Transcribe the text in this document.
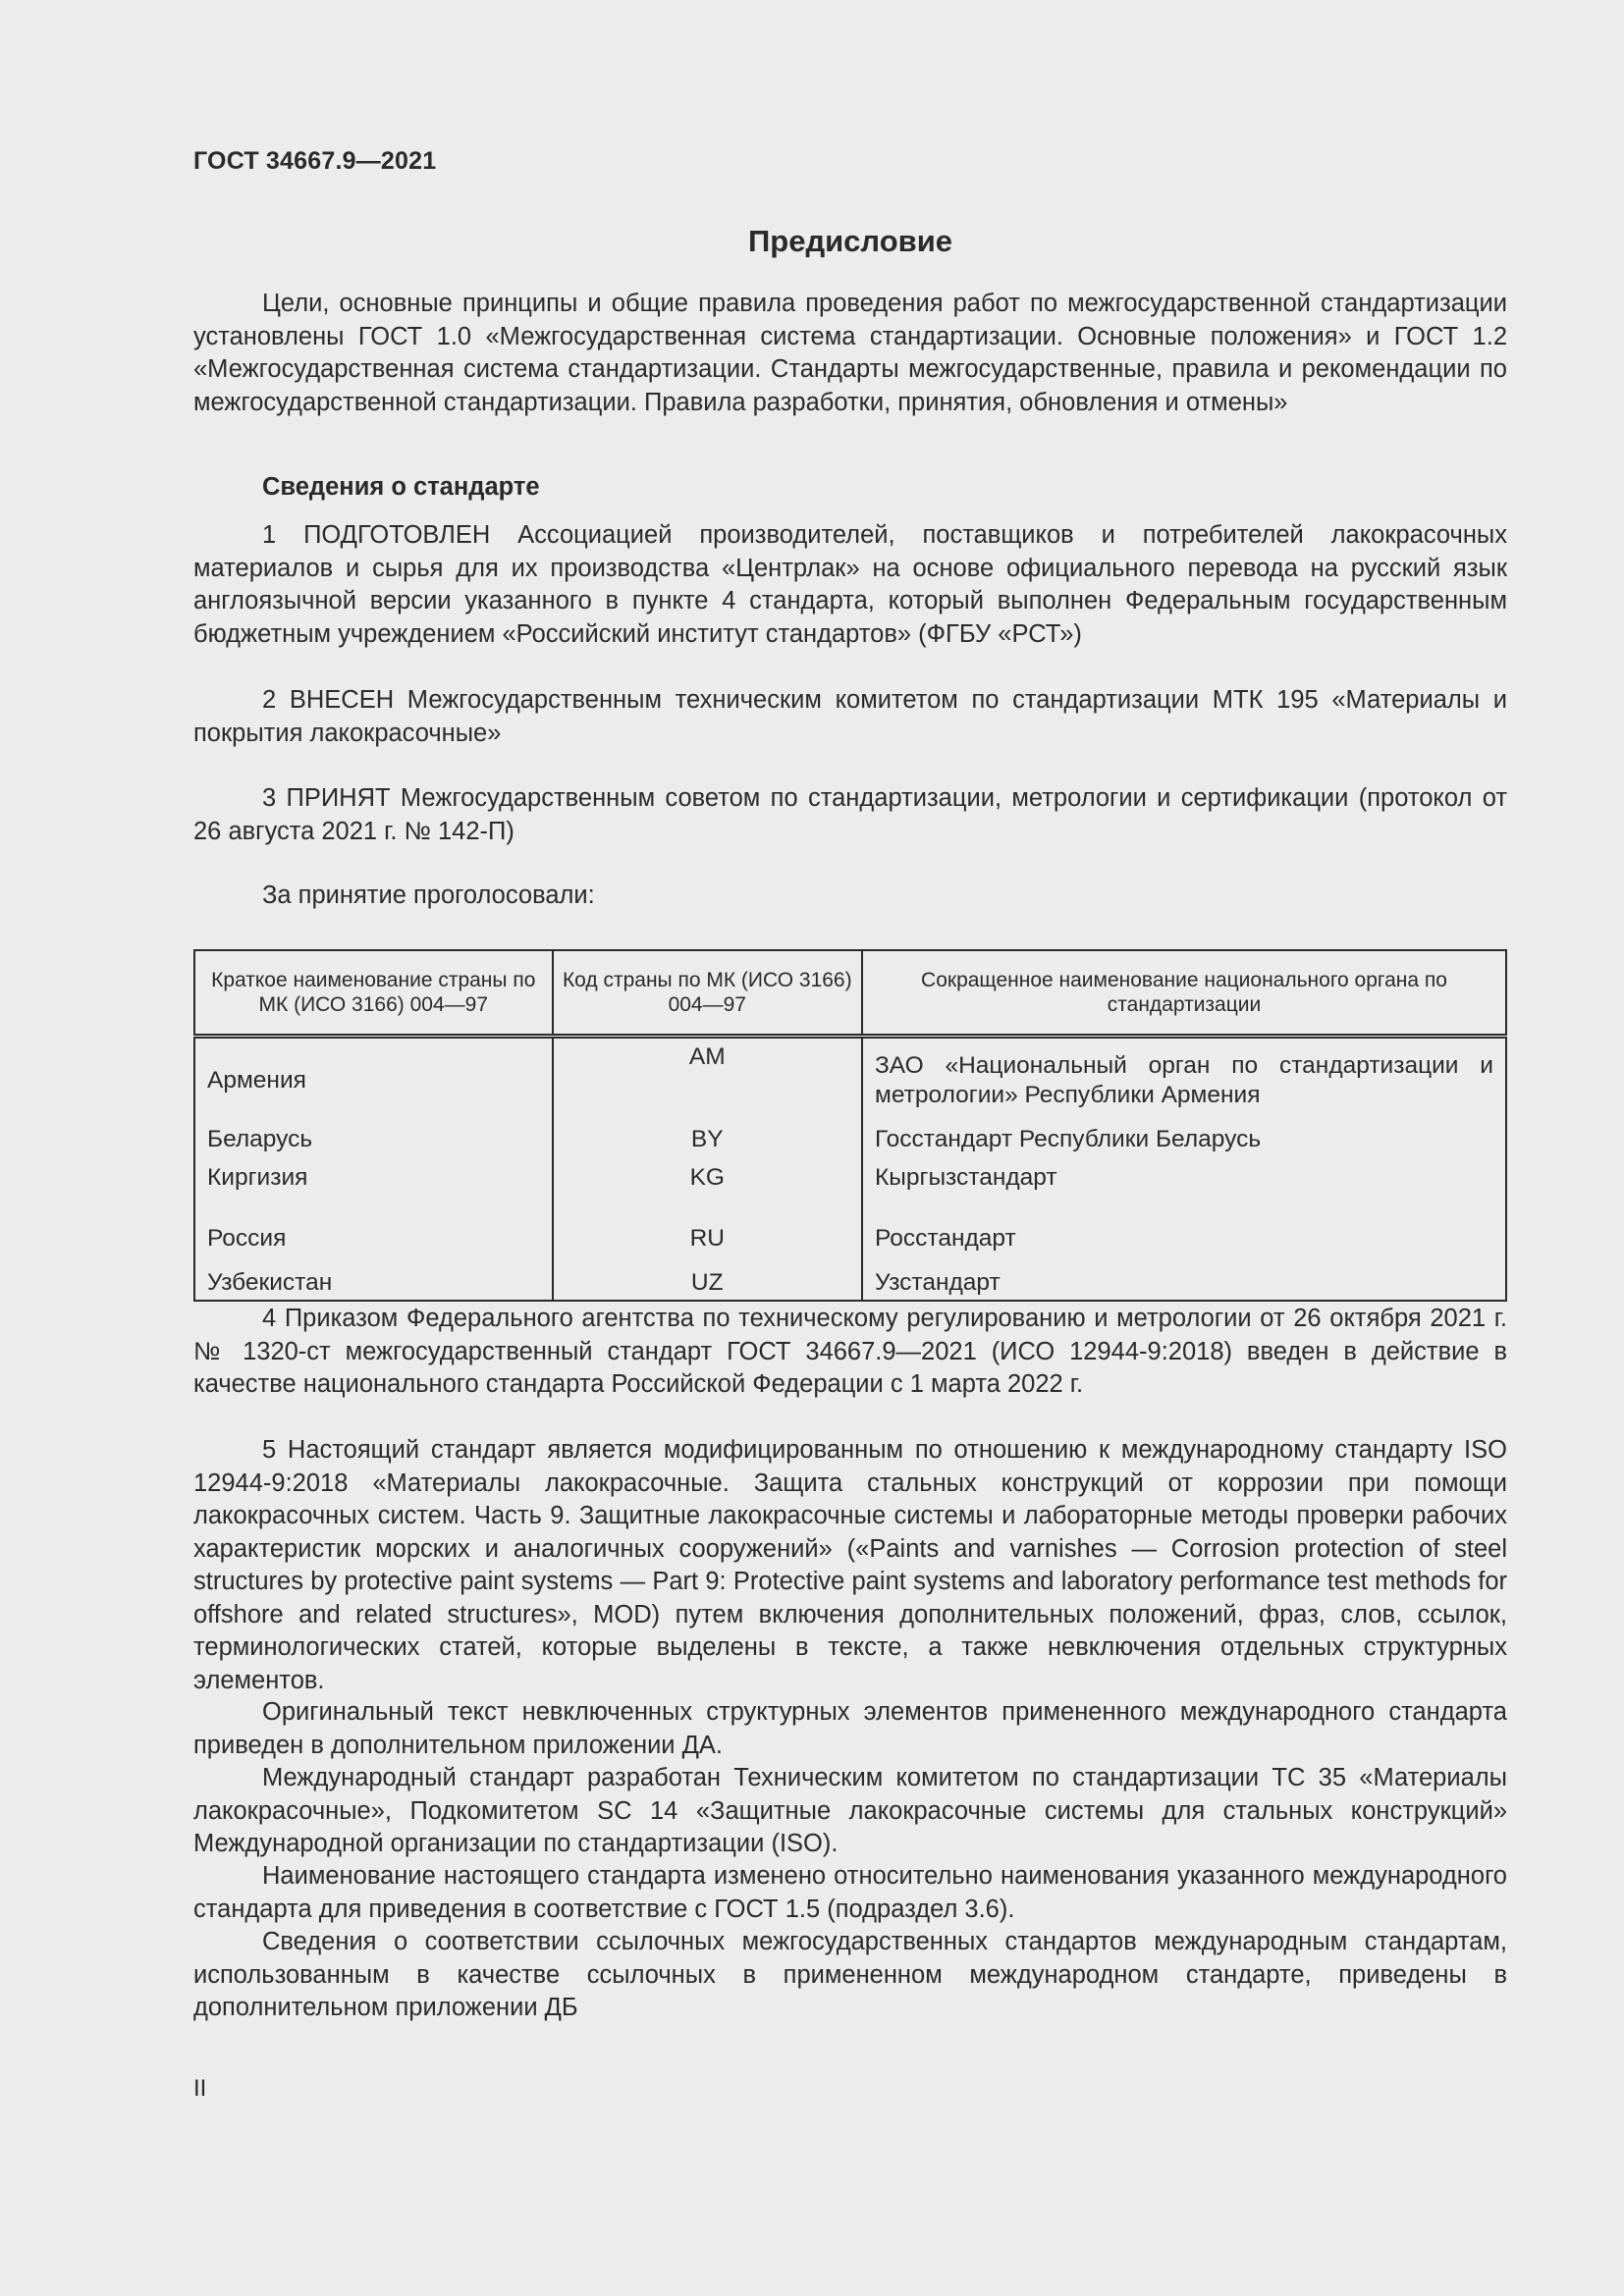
ГОСТ 34667.9—2021
Предисловие

Цели, основные принципы и общие правила проведения работ по межгосударственной стандартизации установлены ГОСТ 1.0 «Межгосударственная система стандартизации. Основные положения» и ГОСТ 1.2 «Межгосударственная система стандартизации. Стандарты межгосударственные, правила и рекомендации по межгосударственной стандартизации. Правила разработки, принятия, обновления и отмены»

Сведения о стандарте

1 ПОДГОТОВЛЕН Ассоциацией производителей, поставщиков и потребителей лакокрасочных материалов и сырья для их производства «Центрлак» на основе официального перевода на русский язык англоязычной версии указанного в пункте 4 стандарта, который выполнен Федеральным государственным бюджетным учреждением «Российский институт стандартов» (ФГБУ «РСТ»)

2 ВНЕСЕН Межгосударственным техническим комитетом по стандартизации МТК 195 «Материалы и покрытия лакокрасочные»

3 ПРИНЯТ Межгосударственным советом по стандартизации, метрологии и сертификации (протокол от 26 августа 2021 г. № 142-П)

За принятие проголосовали:

Краткое наименование страны по МК (ИСО 3166) 004—97	Код страны по МК (ИСО 3166) 004—97	Сокращенное наименование национального органа по стандартизации
Армения	AM	ЗАО «Национальный орган по стандартизации и метрологии» Республики Армения
Беларусь	BY	Госстандарт Республики Беларусь
Киргизия	KG	Кыргызстандарт
Россия	RU	Росстандарт
Узбекистан	UZ	Узстандарт

4 Приказом Федерального агентства по техническому регулированию и метрологии от 26 октября 2021 г. № 1320-ст межгосударственный стандарт ГОСТ 34667.9—2021 (ИСО 12944-9:2018) введен в действие в качестве национального стандарта Российской Федерации с 1 марта 2022 г.

5 Настоящий стандарт является модифицированным по отношению к международному стандарту ISO 12944-9:2018 «Материалы лакокрасочные. Защита стальных конструкций от коррозии при помощи лакокрасочных систем. Часть 9. Защитные лакокрасочные системы и лабораторные методы проверки рабочих характеристик морских и аналогичных сооружений» («Paints and varnishes — Corrosion protection of steel structures by protective paint systems — Part 9: Protective paint systems and laboratory performance test methods for offshore and related structures», MOD) путем включения дополнительных положений, фраз, слов, ссылок, терминологических статей, которые выделены в тексте, а также невключения отдельных структурных элементов.

Оригинальный текст невключенных структурных элементов примененного международного стандарта приведен в дополнительном приложении ДА.

Международный стандарт разработан Техническим комитетом по стандартизации TC 35 «Материалы лакокрасочные», Подкомитетом SC 14 «Защитные лакокрасочные системы для стальных конструкций» Международной организации по стандартизации (ISO).

Наименование настоящего стандарта изменено относительно наименования указанного международного стандарта для приведения в соответствие с ГОСТ 1.5 (подраздел 3.6).

Сведения о соответствии ссылочных межгосударственных стандартов международным стандартам, использованным в качестве ссылочных в примененном международном стандарте, приведены в дополнительном приложении ДБ

II
